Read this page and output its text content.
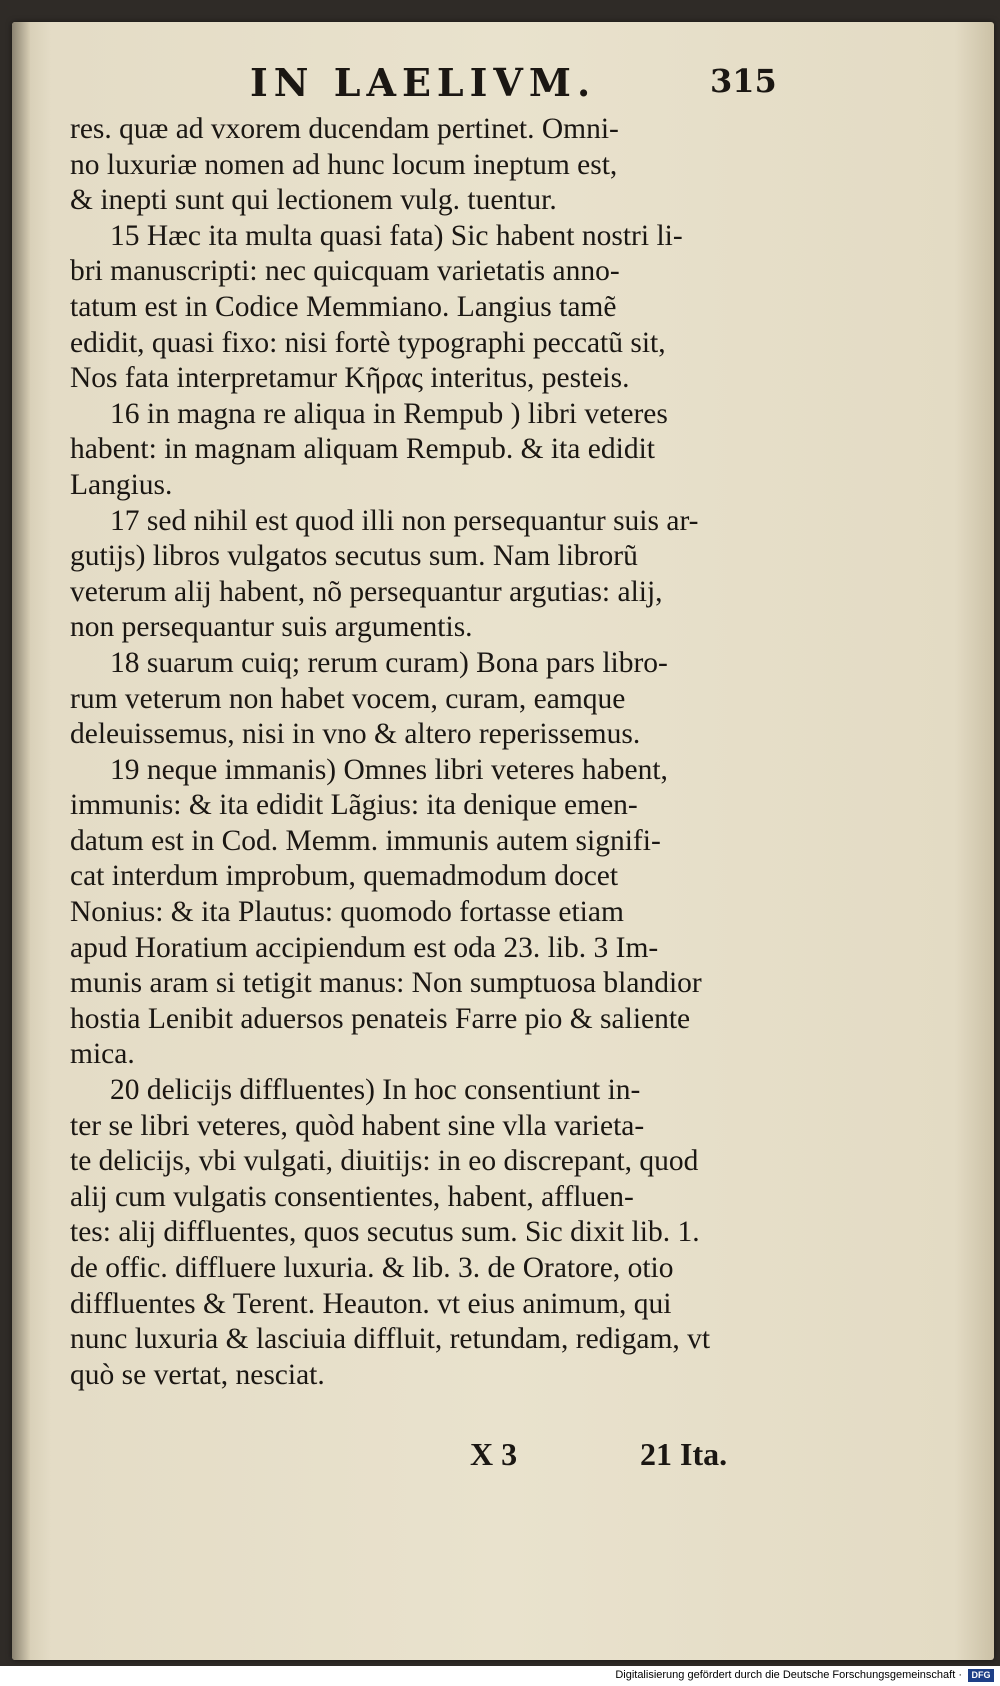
IN LAELIVM.	315
res. quæ ad vxorem ducendam pertinet. Omni-
no luxuriæ nomen ad hunc locum ineptum est,
& inepti sunt qui lectionem vulg. tuentur.
15 Hæc ita multa quasi fata) Sic habent nostri li-
bri manuscripti: nec quicquam varietatis anno-
tatum est in Codice Memmiano. Langius tamẽ
edidit, quasi fixo: nisi fortè typographi peccatũ sit,
Nos fata interpretamur Κῆρας interitus, pesteis.
16 in magna re aliqua in Rempub ) libri veteres
habent: in magnam aliquam Rempub. & ita edidit
Langius.
17 sed nihil est quod illi non persequantur suis ar-
gutijs) libros vulgatos secutus sum. Nam librorũ
veterum alij habent, nõ persequantur argutias: alij,
non persequantur suis argumentis.
18 suarum cuiq; rerum curam) Bona pars libro-
rum veterum non habet vocem, curam, eamque
deleuissemus, nisi in vno & altero reperissemus.
19 neque immanis) Omnes libri veteres habent,
immunis: & ita edidit Lãgius: ita denique emen-
datum est in Cod. Memm. immunis autem signifi-
cat interdum improbum, quemadmodum docet
Nonius: & ita Plautus: quomodo fortasse etiam
apud Horatium accipiendum est oda 23. lib. 3 Im-
munis aram si tetigit manus: Non sumptuosa blandior
hostia Lenibit aduersos penateis Farre pio & saliente
mica.
20 delicijs diffluentes) In hoc consentiunt in-
ter se libri veteres, quòd habent sine vlla varieta-
te delicijs, vbi vulgati, diuitijs: in eo discrepant, quod
alij cum vulgatis consentientes, habent, affluen-
tes: alij diffluentes, quos secutus sum. Sic dixit lib. 1.
de offic. diffluere luxuria. & lib. 3. de Oratore, otio
diffluentes & Terent. Heauton. vt eius animum, qui
nunc luxuria & lasciuia diffluit, retundam, redigam, vt
quò se vertat, nesciat.
X 3	21 Ita.
Digitalisierung gefördert durch die Deutsche Forschungsgemeinschaft ·	DFG
